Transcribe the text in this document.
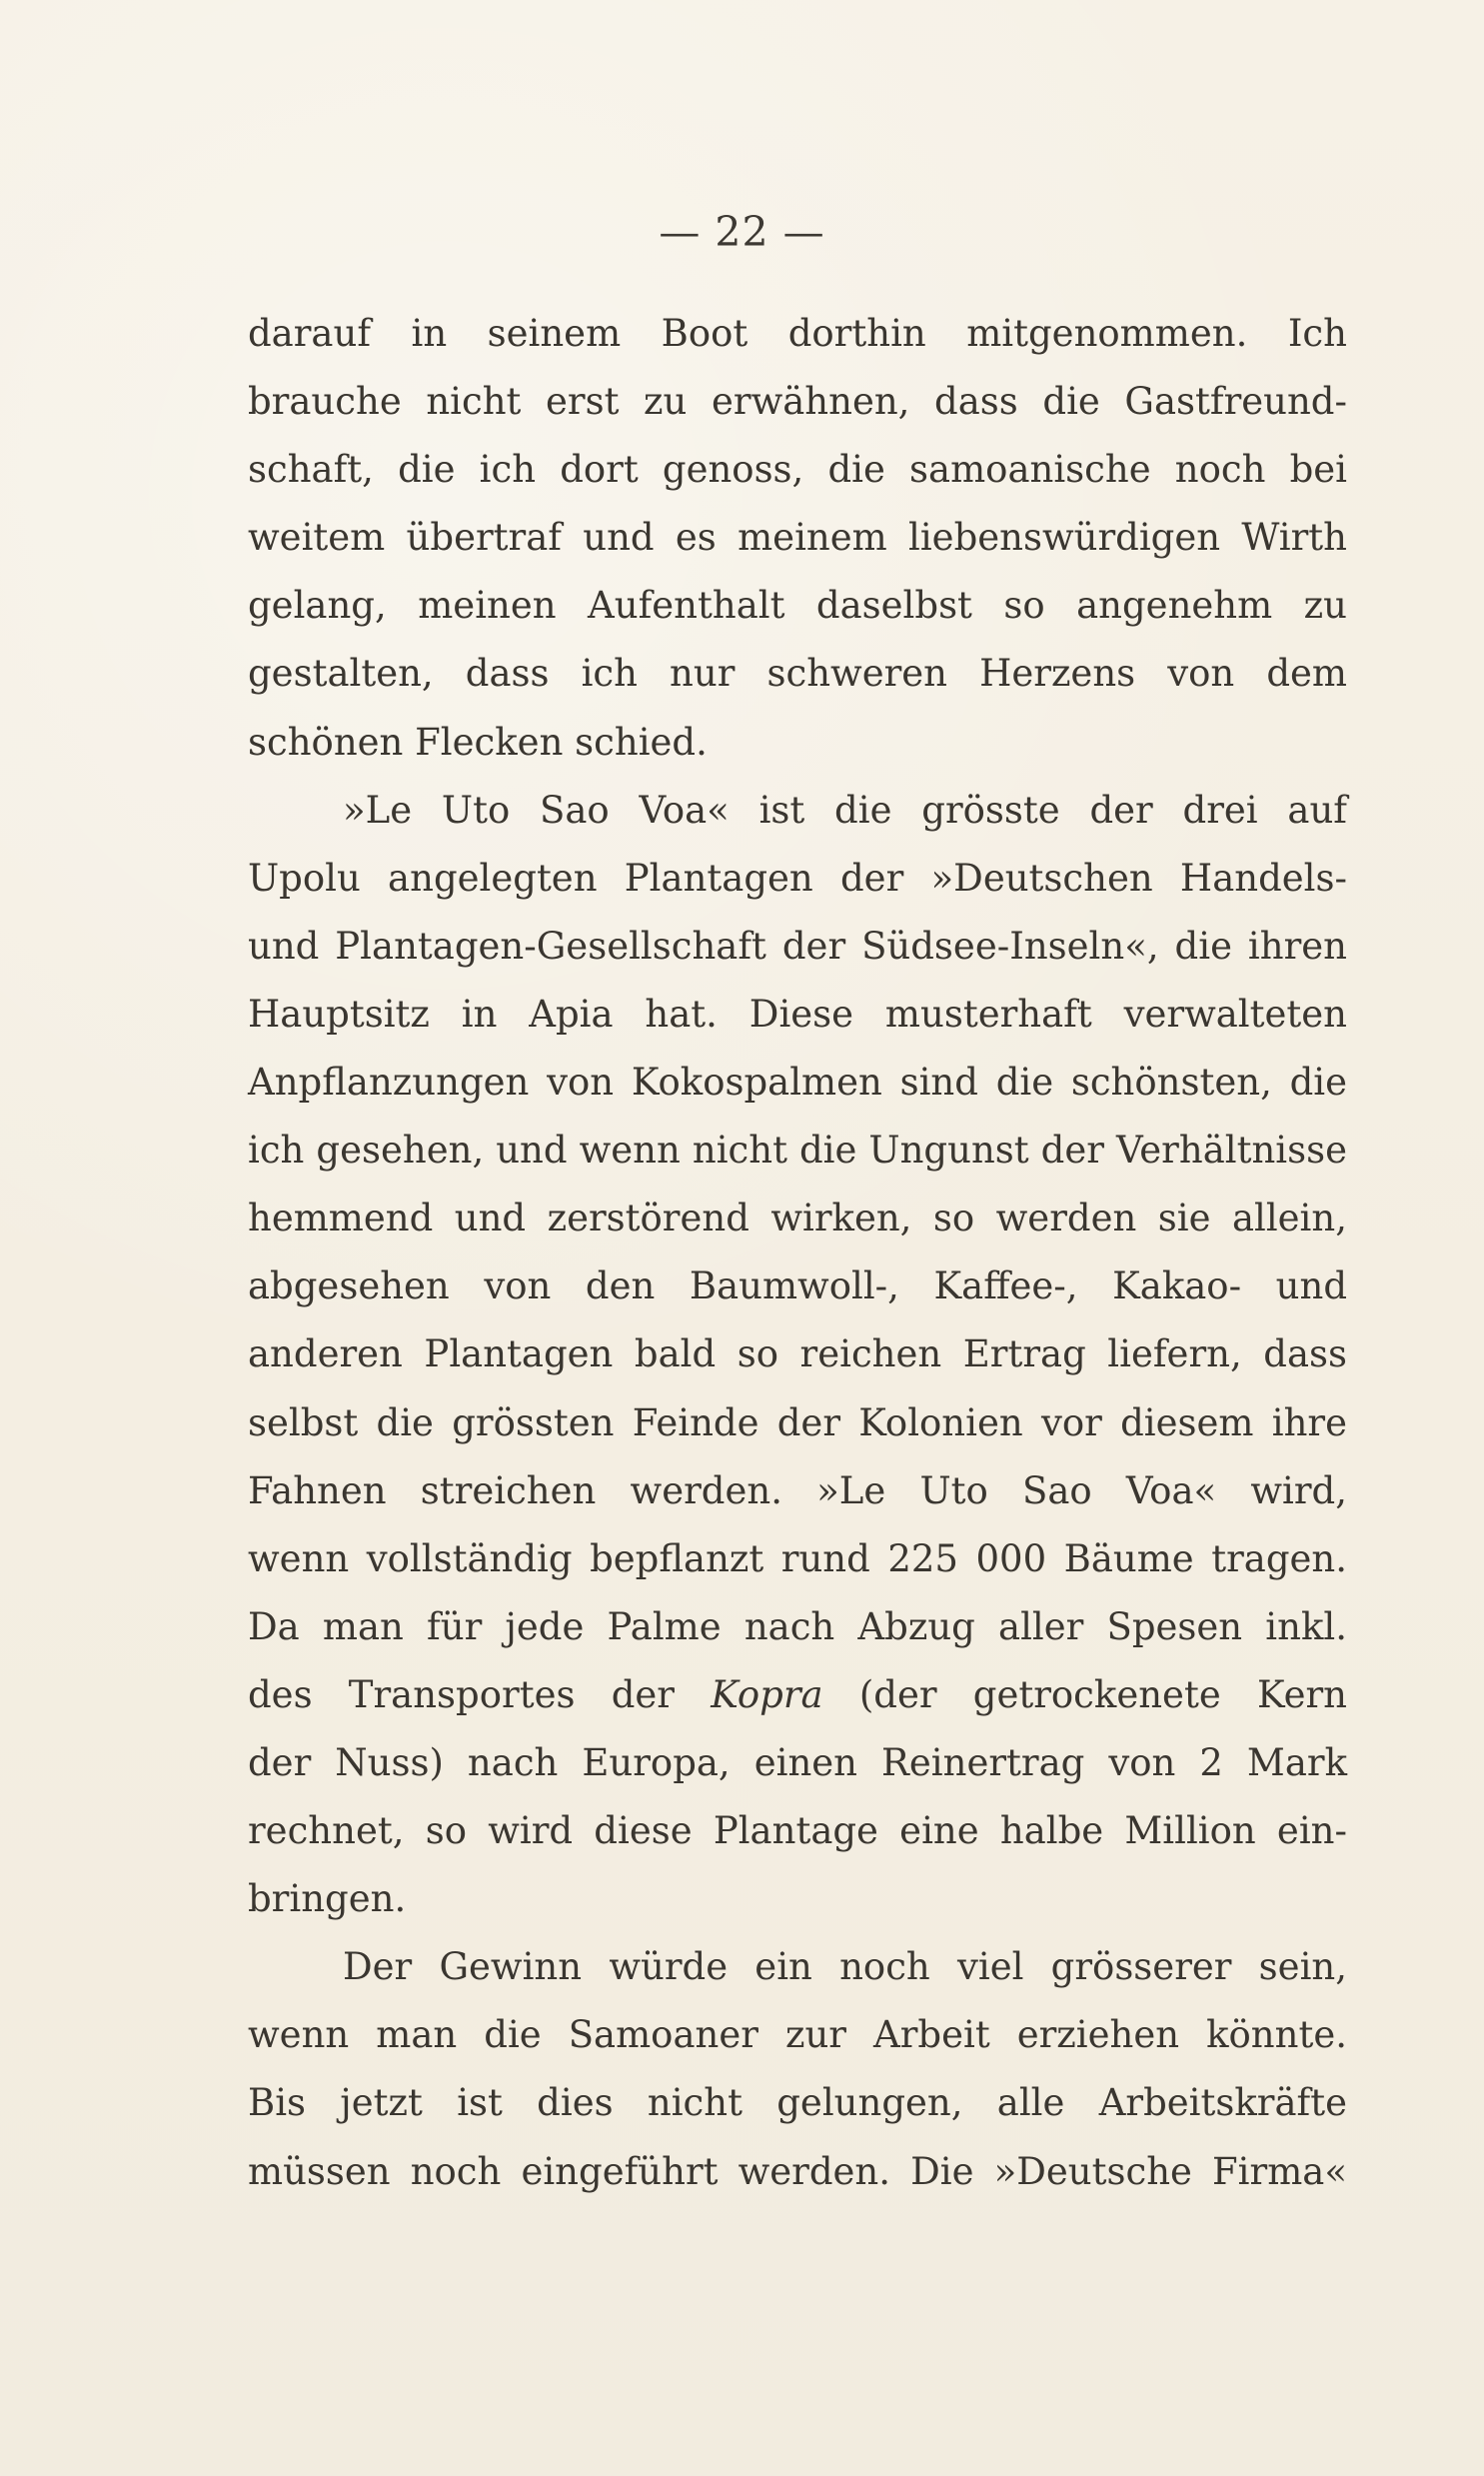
— 22 —
darauf in seinem Boot dorthin mitgenommen. Ich
brauche nicht erst zu erwähnen, dass die Gastfreund-
schaft, die ich dort genoss, die samoanische noch bei
weitem übertraf und es meinem liebenswürdigen Wirth
gelang, meinen Aufenthalt daselbst so angenehm zu
gestalten, dass ich nur schweren Herzens von dem
schönen Flecken schied.
»Le Uto Sao Voa« ist die grösste der drei auf
Upolu angelegten Plantagen der »Deutschen Handels-
und Plantagen-Gesellschaft der Südsee-Inseln«, die ihren
Hauptsitz in Apia hat. Diese musterhaft verwalteten
Anpflanzungen von Kokospalmen sind die schönsten, die
ich gesehen, und wenn nicht die Ungunst der Verhältnisse
hemmend und zerstörend wirken, so werden sie allein,
abgesehen von den Baumwoll-, Kaffee-, Kakao- und
anderen Plantagen bald so reichen Ertrag liefern, dass
selbst die grössten Feinde der Kolonien vor diesem ihre
Fahnen streichen werden. »Le Uto Sao Voa« wird,
wenn vollständig bepflanzt rund 225 000 Bäume tragen.
Da man für jede Palme nach Abzug aller Spesen inkl.
des Transportes der Kopra (der getrockenete Kern
der Nuss) nach Europa, einen Reinertrag von 2 Mark
rechnet, so wird diese Plantage eine halbe Million ein-
bringen.
Der Gewinn würde ein noch viel grösserer sein,
wenn man die Samoaner zur Arbeit erziehen könnte.
Bis jetzt ist dies nicht gelungen, alle Arbeitskräfte
müssen noch eingeführt werden. Die »Deutsche Firma«
